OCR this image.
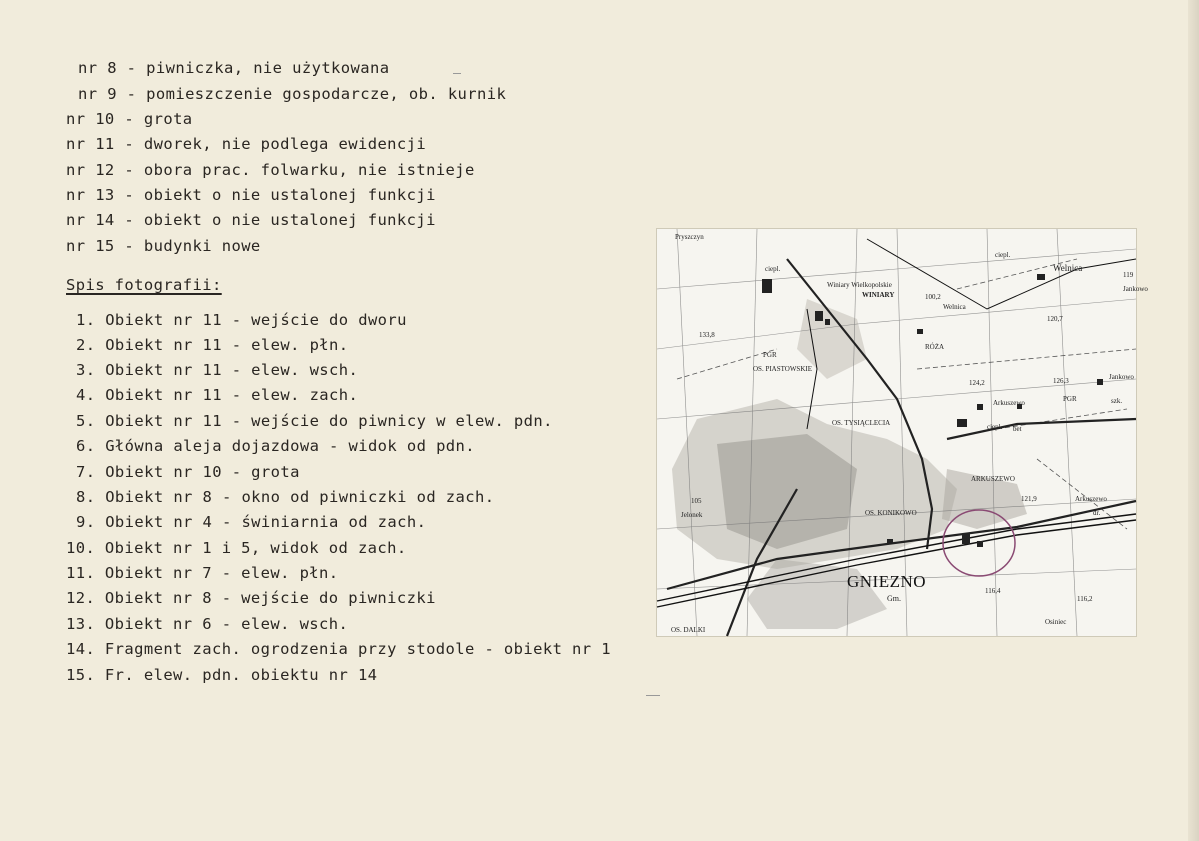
nr 8 - piwniczka, nie użytkowana
nr 9 - pomieszczenie gospodarcze, ob. kurnik
nr 10 - grota
nr 11 - dworek, nie podlega ewidencji
nr 12 - obora prac. folwarku, nie istnieje
nr 13 - obiekt o nie ustalonej funkcji
nr 14 - obiekt o nie ustalonej funkcji
nr 15 - budynki nowe
Spis fotografii:
1. Obiekt nr 11 - wejście do dworu
2. Obiekt nr 11 - elew. płn.
3. Obiekt nr 11 - elew. wsch.
4. Obiekt nr 11 - elew. zach.
5. Obiekt nr 11 - wejście do piwnicy w elew. pdn.
6. Główna aleja dojazdowa - widok od pdn.
7. Obiekt nr 10 - grota
8. Obiekt nr 8 - okno od piwniczki od zach.
9. Obiekt nr 4 - świniarnia od zach.
10. Obiekt nr 1 i 5, widok od zach.
11. Obiekt nr 7 - elew. płn.
12. Obiekt nr 8 - wejście do piwniczki
13. Obiekt nr 6 - elew. wsch.
14. Fragment zach. ogrodzenia przy stodole - obiekt nr 1
15. Fr. elew. pdn. obiektu nr 14
Pryszczyn
Winiary Wielkopolskie
WINIARY
Welnica
Welnica
Jankowo
Jankowo
RÓŻA
OS. PIASTOWSKIE
OS. TYSIĄCLECIA
OS. KONIKOWO
ARKUSZEWO
Arkuszewo
Arkuszewo
OS. DALKI
Jelonek
Osiniec
PGR
PGR
ciepl.
ciepl.
ciepl.
133,8
120,7
124,2	126,3
121,9
116,4
116,2
105
119
100,2
szk.
bet
dr.
GNIEZNO
Gm.
